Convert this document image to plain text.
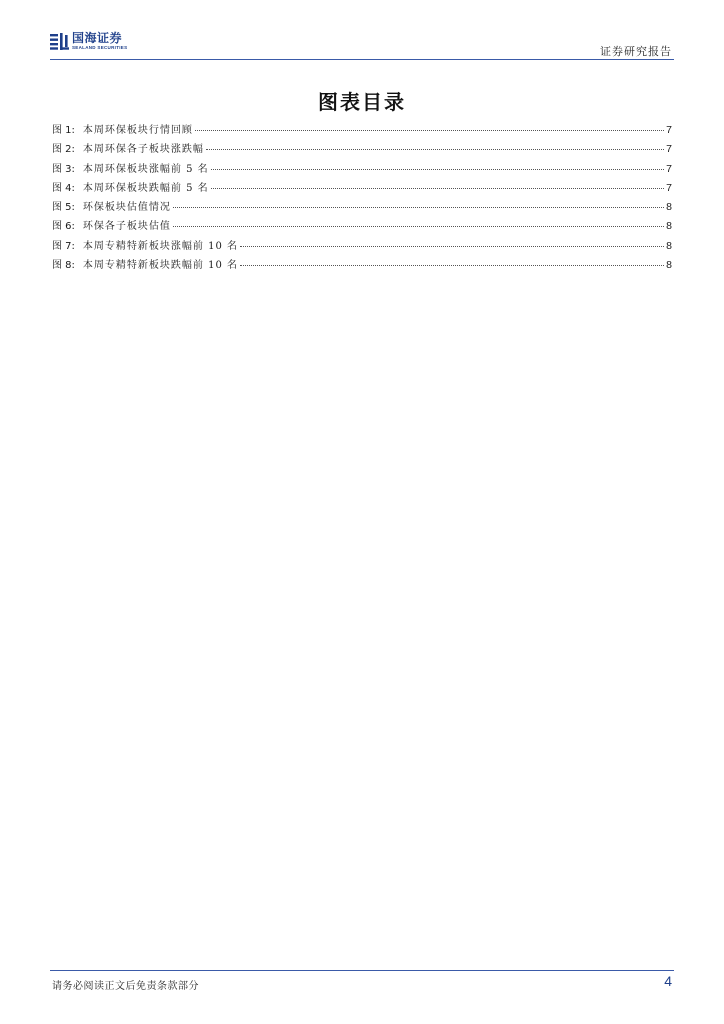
国海证券
SEALAND SECURITIES	证券研究报告
图表目录
图 1: 本周环保板块行情回顾	7
图 2: 本周环保各子板块涨跌幅	7
图 3: 本周环保板块涨幅前 5 名	7
图 4: 本周环保板块跌幅前 5 名	7
图 5: 环保板块估值情况	8
图 6: 环保各子板块估值	8
图 7: 本周专精特新板块涨幅前 10 名	8
图 8: 本周专精特新板块跌幅前 10 名	8
请务必阅读正文后免责条款部分	4
